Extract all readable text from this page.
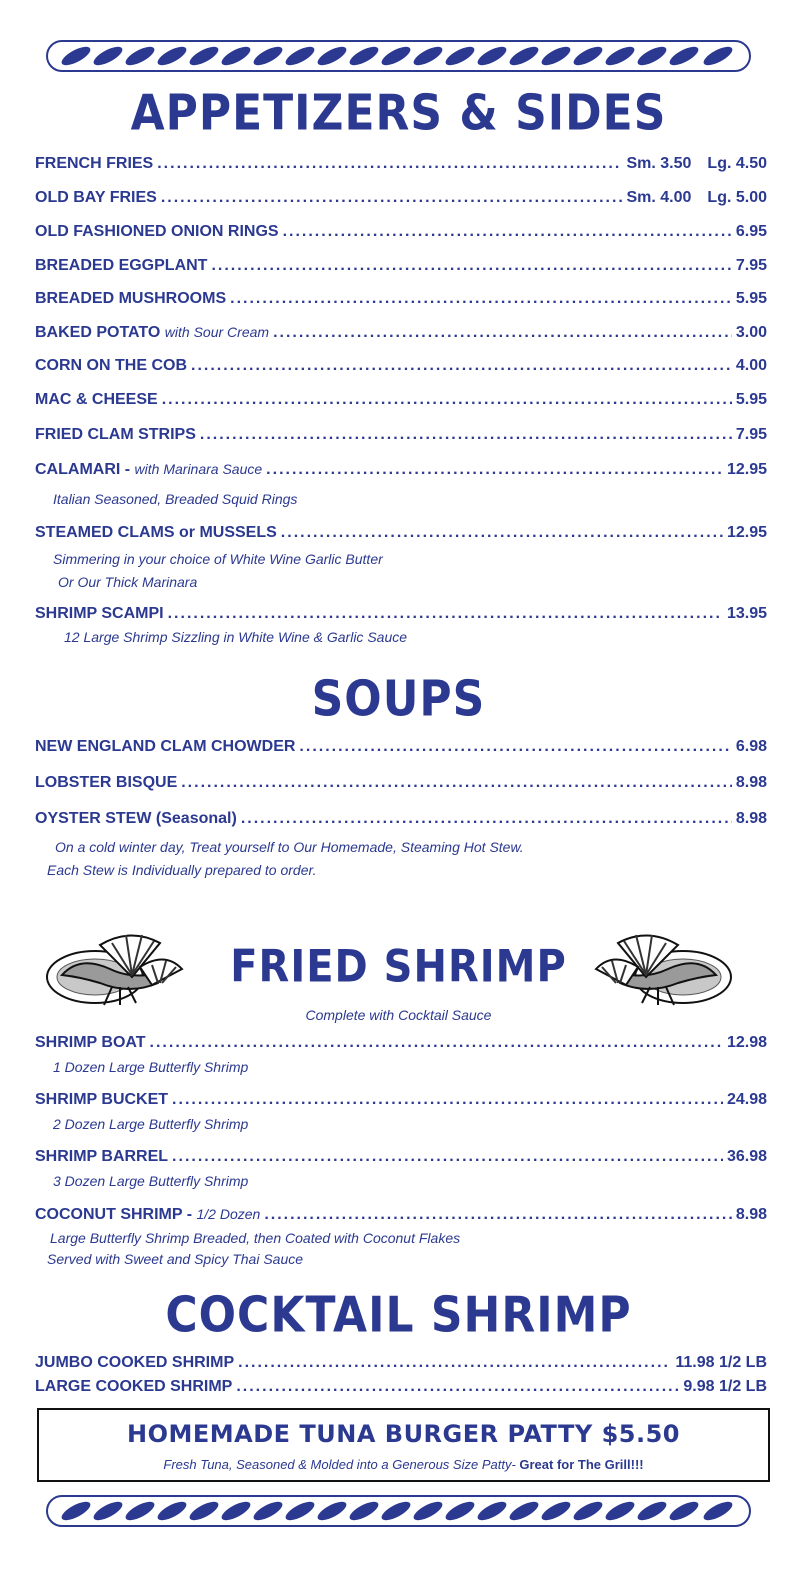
APPETIZERS & SIDES
FRENCH FRIES .....	Sm. 3.50 Lg. 4.50
OLD BAY FRIES .....	Sm. 4.00 Lg. 5.00
OLD FASHIONED ONION RINGS .....	6.95
BREADED EGGPLANT .....	7.95
BREADED MUSHROOMS .....	5.95
BAKED POTATO with Sour Cream .....	3.00
CORN ON THE COB .....	4.00
MAC & CHEESE .....	5.95
FRIED CLAM STRIPS .....	7.95
CALAMARI - with Marinara Sauce .....	12.95
Italian Seasoned, Breaded Squid Rings
STEAMED CLAMS or MUSSELS .....	12.95
Simmering in your choice of White Wine Garlic Butter
Or Our Thick Marinara
SHRIMP SCAMPI .....	13.95
12 Large Shrimp Sizzling in White Wine & Garlic Sauce
SOUPS
NEW ENGLAND CLAM CHOWDER .....	6.98
LOBSTER BISQUE .....	8.98
OYSTER STEW (Seasonal) .....	8.98
On a cold winter day, Treat yourself to Our Homemade, Steaming Hot Stew.
Each Stew is Individually prepared to order.
FRIED SHRIMP
Complete with Cocktail Sauce
SHRIMP BOAT .....	12.98
1 Dozen Large Butterfly Shrimp
SHRIMP BUCKET .....	24.98
2 Dozen Large Butterfly Shrimp
SHRIMP BARREL .....	36.98
3 Dozen Large Butterfly Shrimp
COCONUT SHRIMP - 1/2 Dozen .....	8.98
Large Butterfly Shrimp Breaded, then Coated with Coconut Flakes
Served with Sweet and Spicy Thai Sauce
COCKTAIL SHRIMP
JUMBO COOKED SHRIMP .....	11.98 1/2 LB
LARGE COOKED SHRIMP .....	9.98 1/2 LB
HOMEMADE TUNA BURGER PATTY $5.50
Fresh Tuna, Seasoned & Molded into a Generous Size Patty- Great for The Grill!!!
